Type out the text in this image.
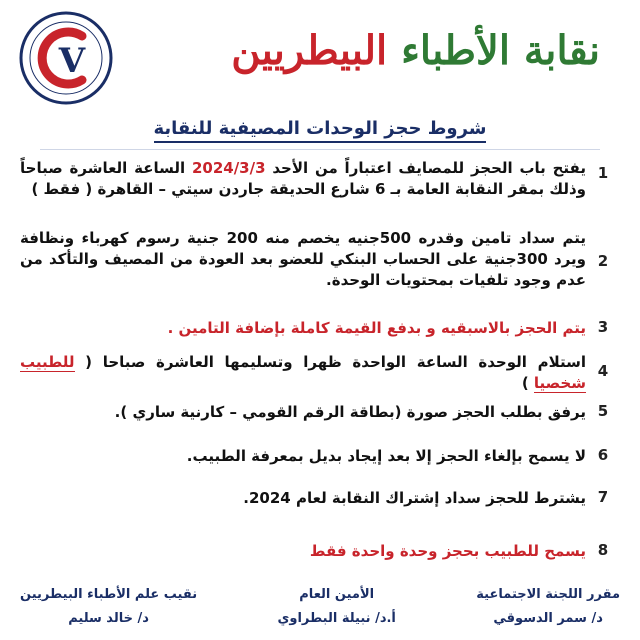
V	نقابة الأطباء البيطريين
شروط حجز الوحدات المصيفية للنقابة
1
يفتح باب الحجز للمصايف اعتباراً من الأحد 2024/3/3 الساعة العاشرة صباحاً وذلك بمقر النقابة العامة بـ 6 شارع الحديقة جاردن سيتي – القاهرة ( فقط )
2
يتم سداد تامين وقدره 500جنيه يخصم منه 200 جنية رسوم كهرباء ونظافة ويرد 300جنية على الحساب البنكي للعضو بعد العودة من المصيف والتأكد من عدم وجود تلفيات بمحتويات الوحدة.
3
يتم الحجز بالاسبقيه و بدفع القيمة كاملة بإضافة التامين .
4
استلام الوحدة الساعة الواحدة ظهرا وتسليمها العاشرة صباحا ( للطبيب شخصيا )
5
يرفق بطلب الحجز صورة (بطاقة الرقم القومي – كارنية ساري ).
6
لا يسمح بإلغاء الحجز إلا بعد إيجاد بديل بمعرفة الطبيب.
7
يشترط للحجز سداد إشتراك النقابة لعام 2024.
8
يسمح للطبيب بحجز وحدة واحدة فقط
مقرر اللجنة الاجتماعية
د/ سمر الدسوقي
الأمين العام
أ.د/ نبيلة البطراوي
نقيب علم الأطباء البيطريين
د/ خالد سليم
